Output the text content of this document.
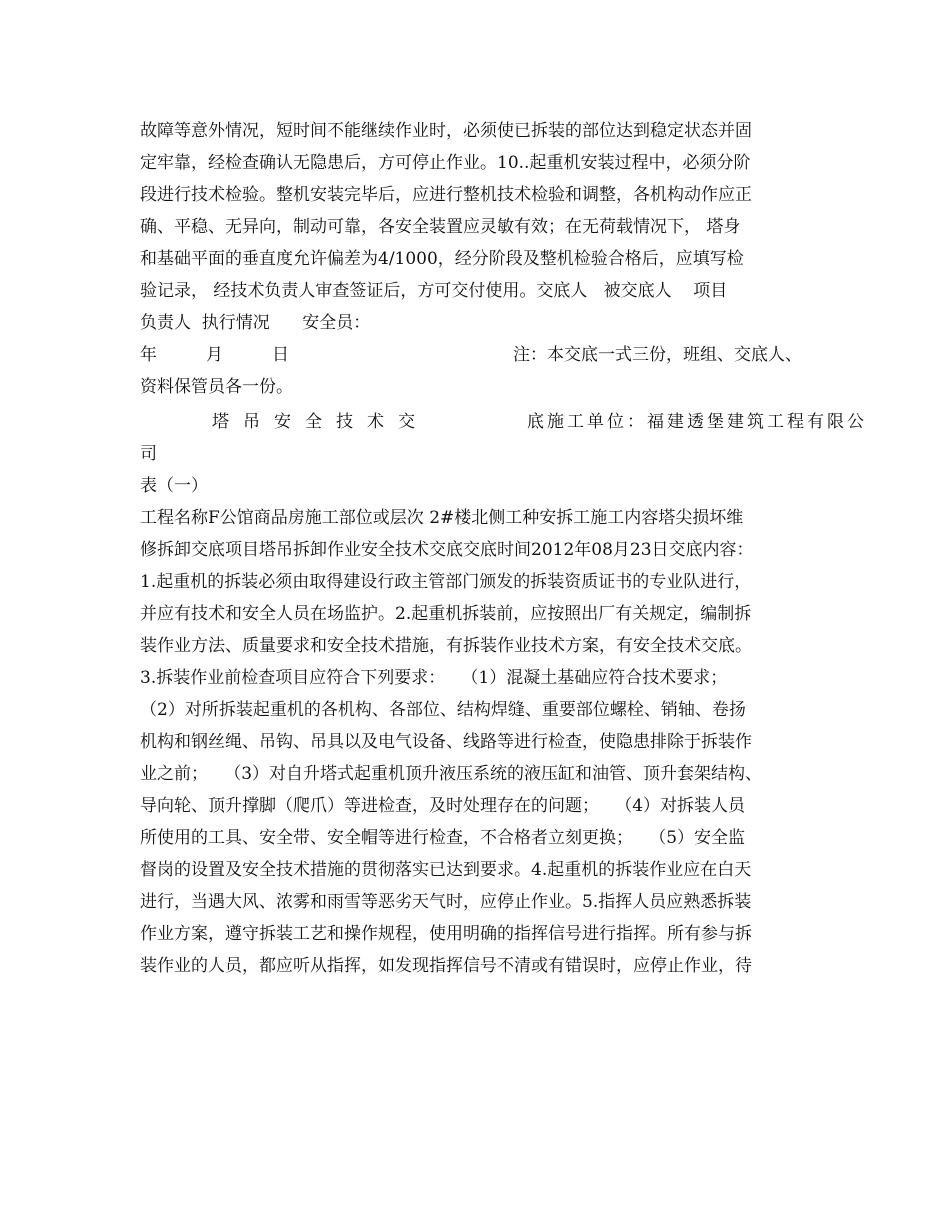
故障等意外情况，短时间不能继续作业时，必须使已拆装的部位达到稳定状态并固
定牢靠，经检查确认无隐患后，方可停止作业。10..起重机安装过程中，必须分阶
段进行技术检验。整机安装完毕后，应进行整机技术检验和调整，各机构动作应正
确、平稳、无异向，制动可靠，各安全装置应灵敏有效；在无荷载情况下， 塔身
和基础平面的垂直度允许偏差为4/1000，经分阶段及整机检验合格后，应填写检
验记录， 经技术负责人审查签证后，方可交付使用。交底人   被交底人    项目
负责人  执行情况      安全员：
年	月	日	注：本交底一式三份，班组、交底人、
资料保管员各一份。
塔吊安全技术交	底施工单位：福建透堡建筑工程有限公
司
表（一）
工程名称F公馆商品房施工部位或层次 2#楼北侧工种安拆工施工内容塔尖损坏维
修拆卸交底项目塔吊拆卸作业安全技术交底交底时间2012年08月23日交底内容：
1.起重机的拆装必须由取得建设行政主管部门颁发的拆装资质证书的专业队进行，
并应有技术和安全人员在场监护。2.起重机拆装前，应按照出厂有关规定，编制拆
装作业方法、质量要求和安全技术措施，有拆装作业技术方案，有安全技术交底。
3.拆装作业前检查项目应符合下列要求：   （1）混凝土基础应符合技术要求；
（2）对所拆装起重机的各机构、各部位、结构焊缝、重要部位螺栓、销轴、卷扬
机构和钢丝绳、吊钩、吊具以及电气设备、线路等进行检查，使隐患排除于拆装作
业之前；   （3）对自升塔式起重机顶升液压系统的液压缸和油管、顶升套架结构、
导向轮、顶升撑脚（爬爪）等进检查，及时处理存在的问题；   （4）对拆装人员
所使用的工具、安全带、安全帽等进行检查，不合格者立刻更换；   （5）安全监
督岗的设置及安全技术措施的贯彻落实已达到要求。4.起重机的拆装作业应在白天
进行，当遇大风、浓雾和雨雪等恶劣天气时，应停止作业。5.指挥人员应熟悉拆装
作业方案，遵守拆装工艺和操作规程，使用明确的指挥信号进行指挥。所有参与拆
装作业的人员，都应听从指挥，如发现指挥信号不清或有错误时，应停止作业，待
